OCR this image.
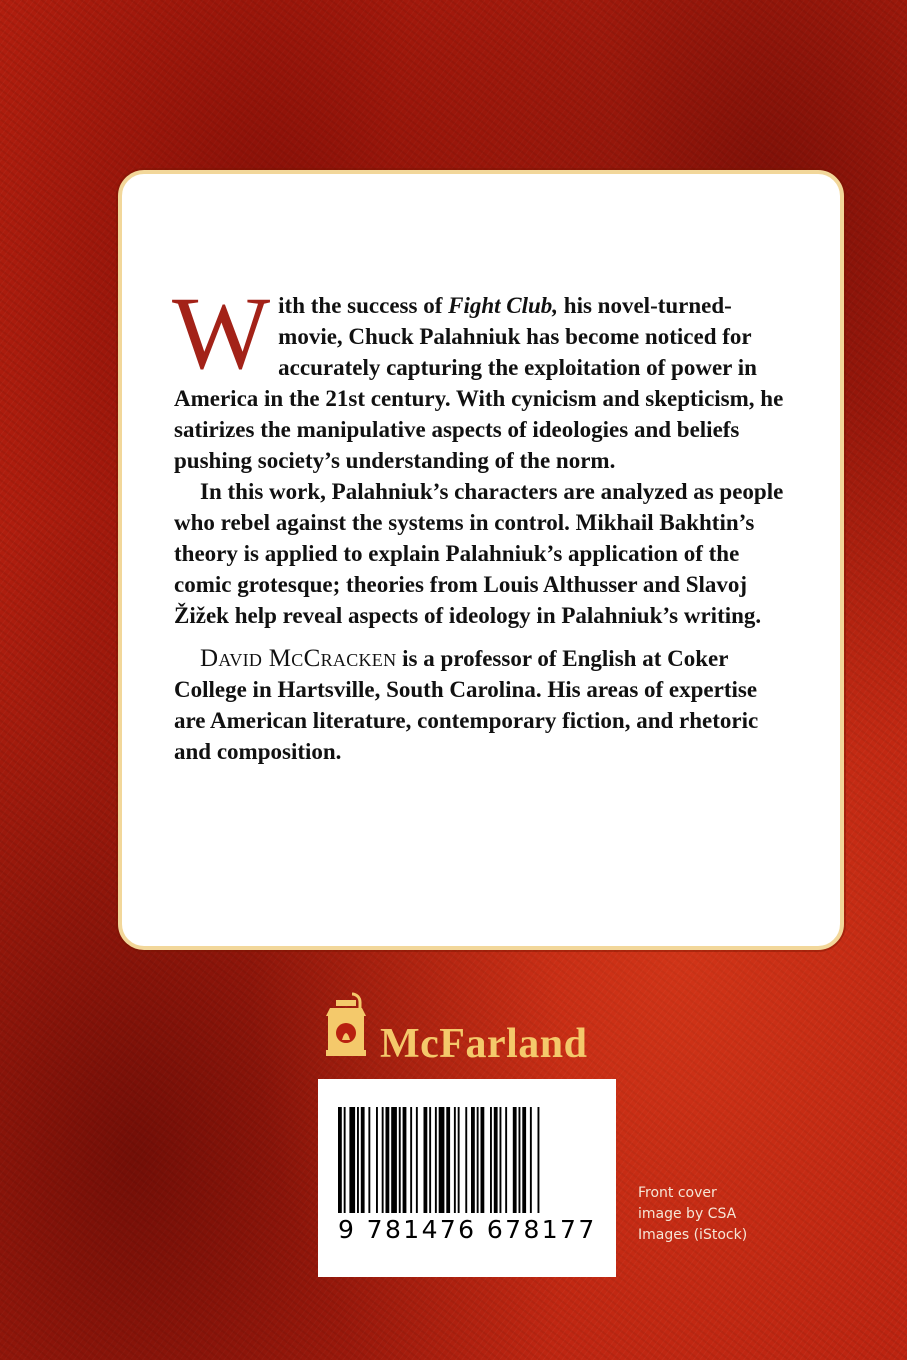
With the success of Fight Club, his novel-turned-movie, Chuck Palahniuk has become noticed for accurately capturing the exploitation of power in America in the 21st century. With cynicism and skepticism, he satirizes the manipulative aspects of ideologies and beliefs pushing society’s understanding of the norm.

In this work, Palahniuk’s characters are analyzed as people who rebel against the systems in control. Mikhail Bakhtin’s theory is applied to explain Palahniuk’s application of the comic grotesque; theories from Louis Althusser and Slavoj Žižek help reveal aspects of ideology in Palahniuk’s writing.

David McCracken is a professor of English at Coker College in Hartsville, South Carolina. His areas of expertise are American literature, contemporary fiction, and rhetoric and composition.

McFarland
9 781476 678177
Front cover
image by CSA
Images (iStock)
